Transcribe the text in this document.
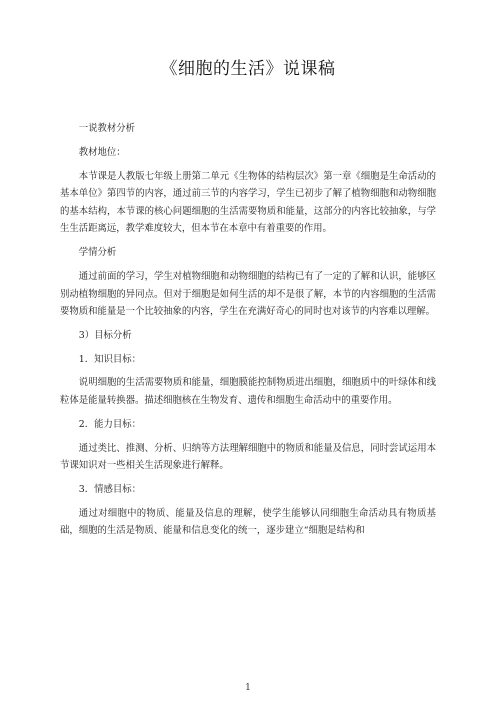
《细胞的生活》说课稿

一说教材分析

教材地位：

本节课是人教版七年级上册第二单元《生物体的结构层次》第一章《细胞是生命活动的基本单位》第四节的内容，通过前三节的内容学习，学生已初步了解了植物细胞和动物细胞的基本结构，本节课的核心问题细胞的生活需要物质和能量，这部分的内容比较抽象，与学生生活距离远，教学难度较大，但本节在本章中有着重要的作用。

学情分析

通过前面的学习，学生对植物细胞和动物细胞的结构已有了一定的了解和认识，能够区别动植物细胞的异同点。但对于细胞是如何生活的却不是很了解，本节的内容细胞的生活需要物质和能量是一个比较抽象的内容，学生在充满好奇心的同时也对该节的内容难以理解。

3）目标分析

1．知识目标：

说明细胞的生活需要物质和能量，细胞膜能控制物质进出细胞，细胞质中的叶绿体和线粒体是能量转换器。描述细胞核在生物发育、遗传和细胞生命活动中的重要作用。

2．能力目标：

通过类比、推测、分析、归纳等方法理解细胞中的物质和能量及信息，同时尝试运用本节课知识对一些相关生活现象进行解释。

3．情感目标：

通过对细胞中的物质、能量及信息的理解，使学生能够认同细胞生命活动具有物质基础，细胞的生活是物质、能量和信息变化的统一，逐步建立“细胞是结构和

1
